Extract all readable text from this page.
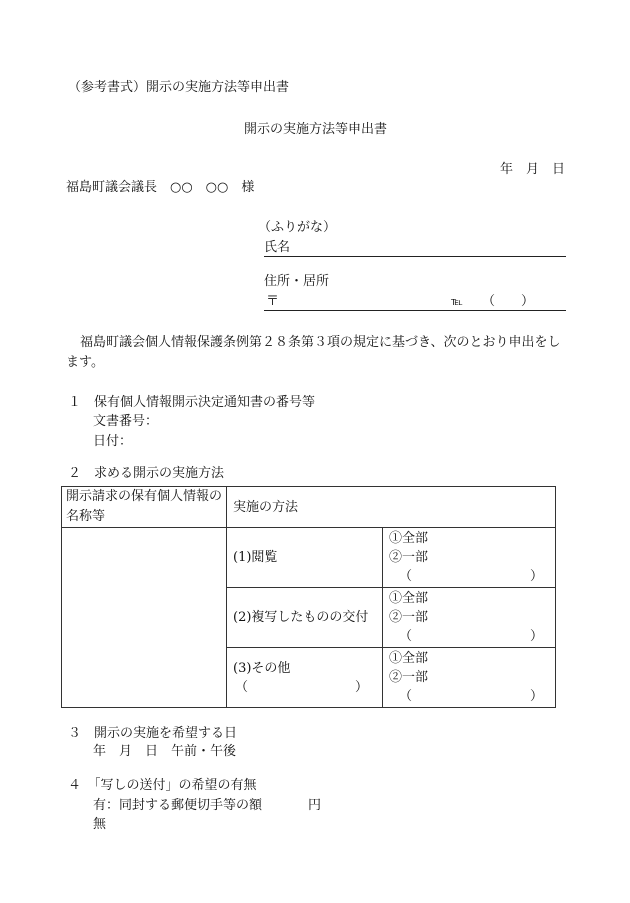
（参考書式）開示の実施方法等申出書
開示の実施方法等申出書
年　月　日
福島町議会議長　○○　○○　様
（ふりがな）
氏名
住所・居所
〒	℡ （　　）
福島町議会個人情報保護条例第２８条第３項の規定に基づき、次のとおり申出をし
ます。
１　保有個人情報開示決定通知書の番号等
文書番号：
日付：
２　求める開示の実施方法
開示請求の保有個人情報の名称等	実施の方法	
	(1)閲覧	①全部
②一部
（ ）

	(2)複写したものの交付	①全部
②一部
（ ）

	(3)その他
（ ）	①全部
②一部
（ ）
３　開示の実施を希望する日
年　月　日　午前・午後
４　「写しの送付」の希望の有無
有：同封する郵便切手等の額	円
無
